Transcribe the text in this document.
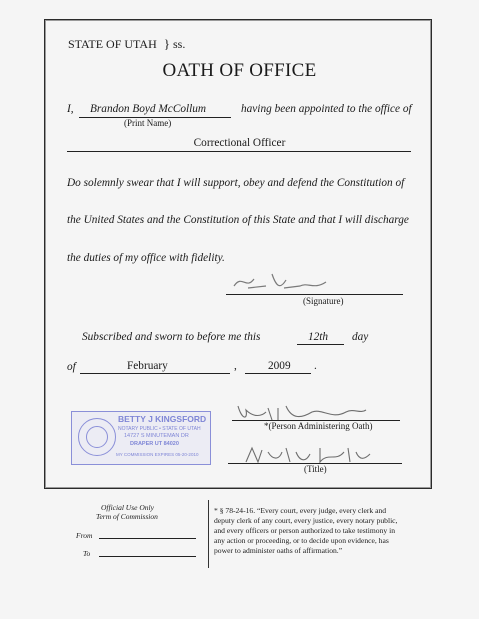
STATE OF UTAH } ss.
OATH OF OFFICE
I, Brandon Boyd McCollum
(Print Name)
having been appointed to the office of
Correctional Officer
Do solemnly swear that I will support, obey and defend the Constitution of
the United States and the Constitution of this State and that I will discharge
the duties of my office with fidelity.
(Signature)
Subscribed and sworn to before me this	12th day
of	February	,	2009 .
BETTY J KINGSFORD
NOTARY PUBLIC • STATE OF UTAH
14727 S MINUTEMAN DR
DRAPER UT 84020
MY COMMISSION EXPIRES 05-20-2010
*(Person Administering Oath)
(Title)
Official Use Only
Term of Commission
From
To
* § 78-24-16. “Every court, every judge, every clerk and
deputy clerk of any court, every justice, every notary public,
and every officers or person authorized to take testimony in
any action or proceeding, or to decide upon evidence, has
power to administer oaths of affirmation.”
